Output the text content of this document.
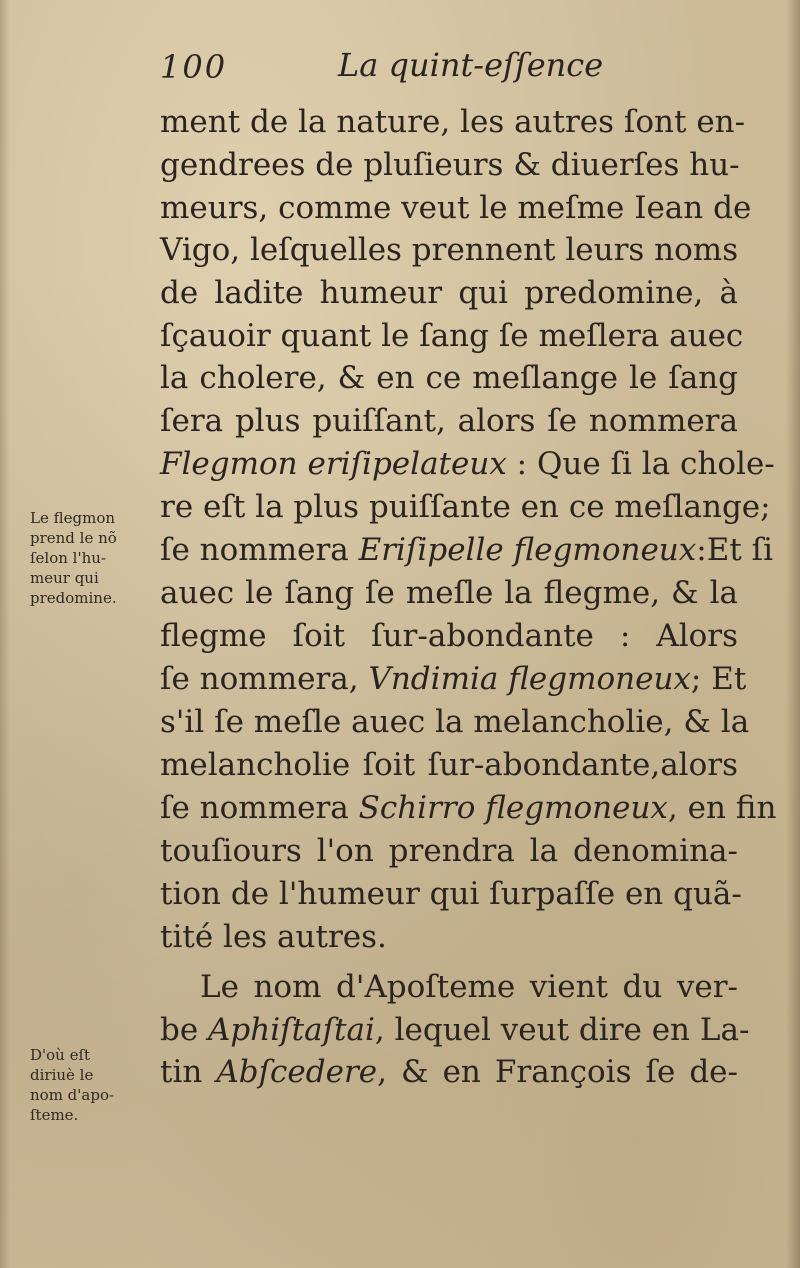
100	La quint-eſſence
ment de la nature, les autres ſont en-
gendrees de pluſieurs & diuerſes hu-
meurs, comme veut le meſme Iean de
Vigo, leſquelles prennent leurs noms
de ladite humeur qui predomine, à
ſçauoir quant le ſang ſe meſlera auec
la cholere, & en ce meſlange le ſang
ſera plus puiſſant, alors ſe nommera
Flegmon eriſipelateux : Que ſi la chole-
re eſt la plus puiſſante en ce meſlange;
ſe nommera Eriſipelle flegmoneux:Et ſi
auec le ſang ſe meſle la flegme, & la
flegme ſoit ſur-abondante : Alors
ſe nommera, Vndimia flegmoneux; Et
s'il ſe meſle auec la melancholie, & la
melancholie ſoit ſur-abondante,alors
ſe nommera Schirro flegmoneux, en fin
touſiours l'on prendra la denomina-
tion de l'humeur qui ſurpaſſe en quã-
tité les autres.
Le nom d'Apoſteme vient du ver-
be Aphiſtaſtai, lequel veut dire en La-
tin Abſcedere, & en François ſe de-
Le flegmon
prend le nõ
ſelon l'hu-
meur qui
predomine.
D'où eſt
diriuè le
nom d'apo-
ſteme.
